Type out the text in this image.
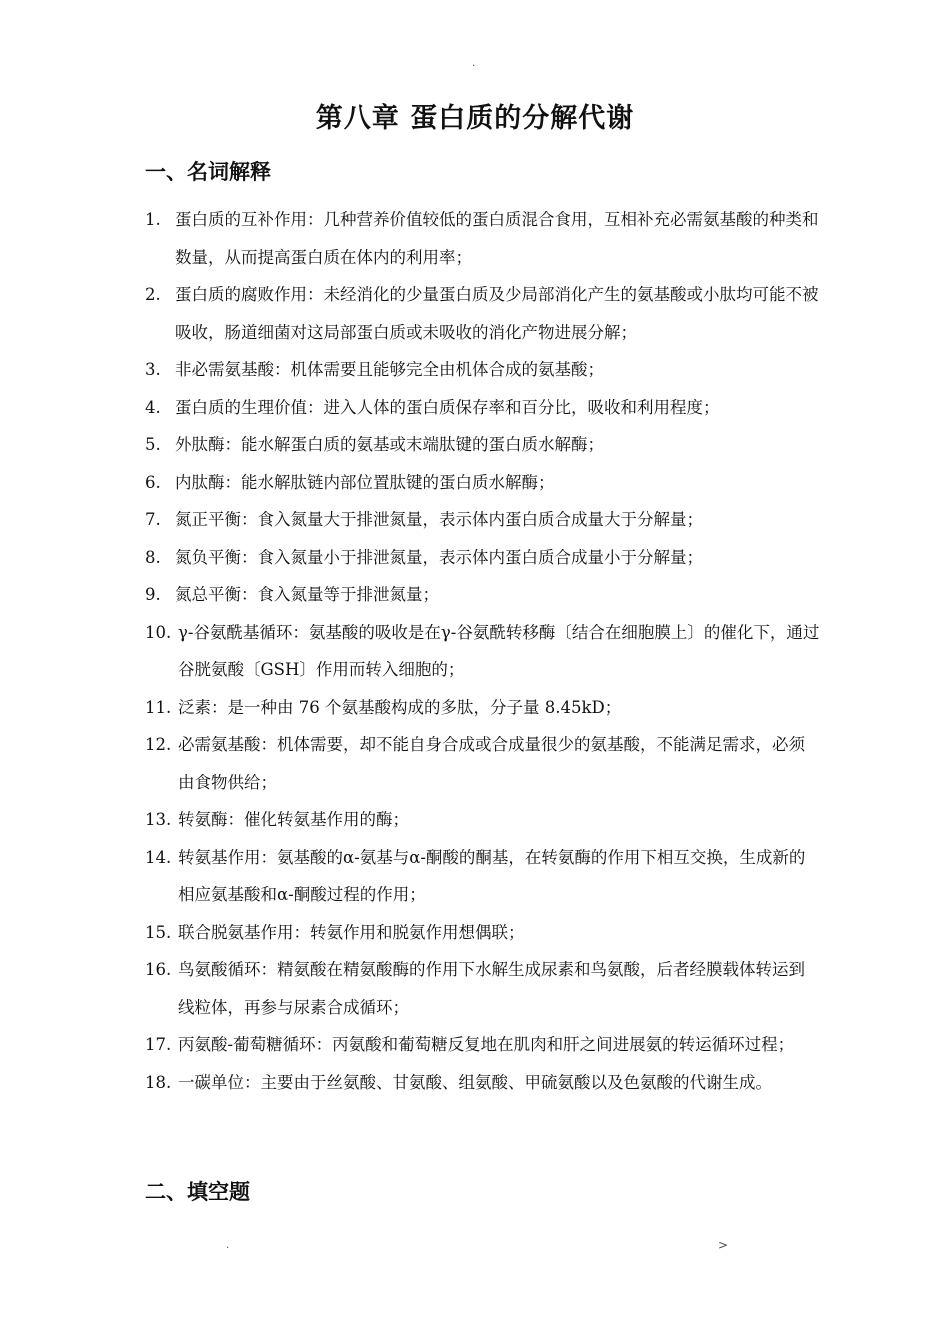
.
第八章 蛋白质的分解代谢
一、名词解释
1. 蛋白质的互补作用：几种营养价值较低的蛋白质混合食用，互相补充必需氨基酸的种类和数量，从而提高蛋白质在体内的利用率；
2. 蛋白质的腐败作用：未经消化的少量蛋白质及少局部消化产生的氨基酸或小肽均可能不被吸收，肠道细菌对这局部蛋白质或未吸收的消化产物进展分解；
3. 非必需氨基酸：机体需要且能够完全由机体合成的氨基酸；
4. 蛋白质的生理价值：进入人体的蛋白质保存率和百分比，吸收和利用程度；
5. 外肽酶：能水解蛋白质的氨基或末端肽键的蛋白质水解酶；
6. 内肽酶：能水解肽链内部位置肽键的蛋白质水解酶；
7. 氮正平衡：食入氮量大于排泄氮量，表示体内蛋白质合成量大于分解量；
8. 氮负平衡：食入氮量小于排泄氮量，表示体内蛋白质合成量小于分解量；
9. 氮总平衡：食入氮量等于排泄氮量；
10. γ-谷氨酰基循环：氨基酸的吸收是在γ-谷氨酰转移酶〔结合在细胞膜上〕的催化下，通过谷胱氨酸〔GSH〕作用而转入细胞的；
11. 泛素：是一种由 76 个氨基酸构成的多肽，分子量 8.45kD；
12. 必需氨基酸：机体需要，却不能自身合成或合成量很少的氨基酸，不能满足需求，必须由食物供给；
13. 转氨酶：催化转氨基作用的酶；
14. 转氨基作用：氨基酸的α-氨基与α-酮酸的酮基，在转氨酶的作用下相互交换，生成新的相应氨基酸和α-酮酸过程的作用；
15. 联合脱氨基作用：转氨作用和脱氨作用想偶联；
16. 鸟氨酸循环：精氨酸在精氨酸酶的作用下水解生成尿素和鸟氨酸，后者经膜载体转运到线粒体，再参与尿素合成循环；
17. 丙氨酸-葡萄糖循环：丙氨酸和葡萄糖反复地在肌肉和肝之间进展氨的转运循环过程；
18. 一碳单位：主要由于丝氨酸、甘氨酸、组氨酸、甲硫氨酸以及色氨酸的代谢生成。
二、填空题
.	>
